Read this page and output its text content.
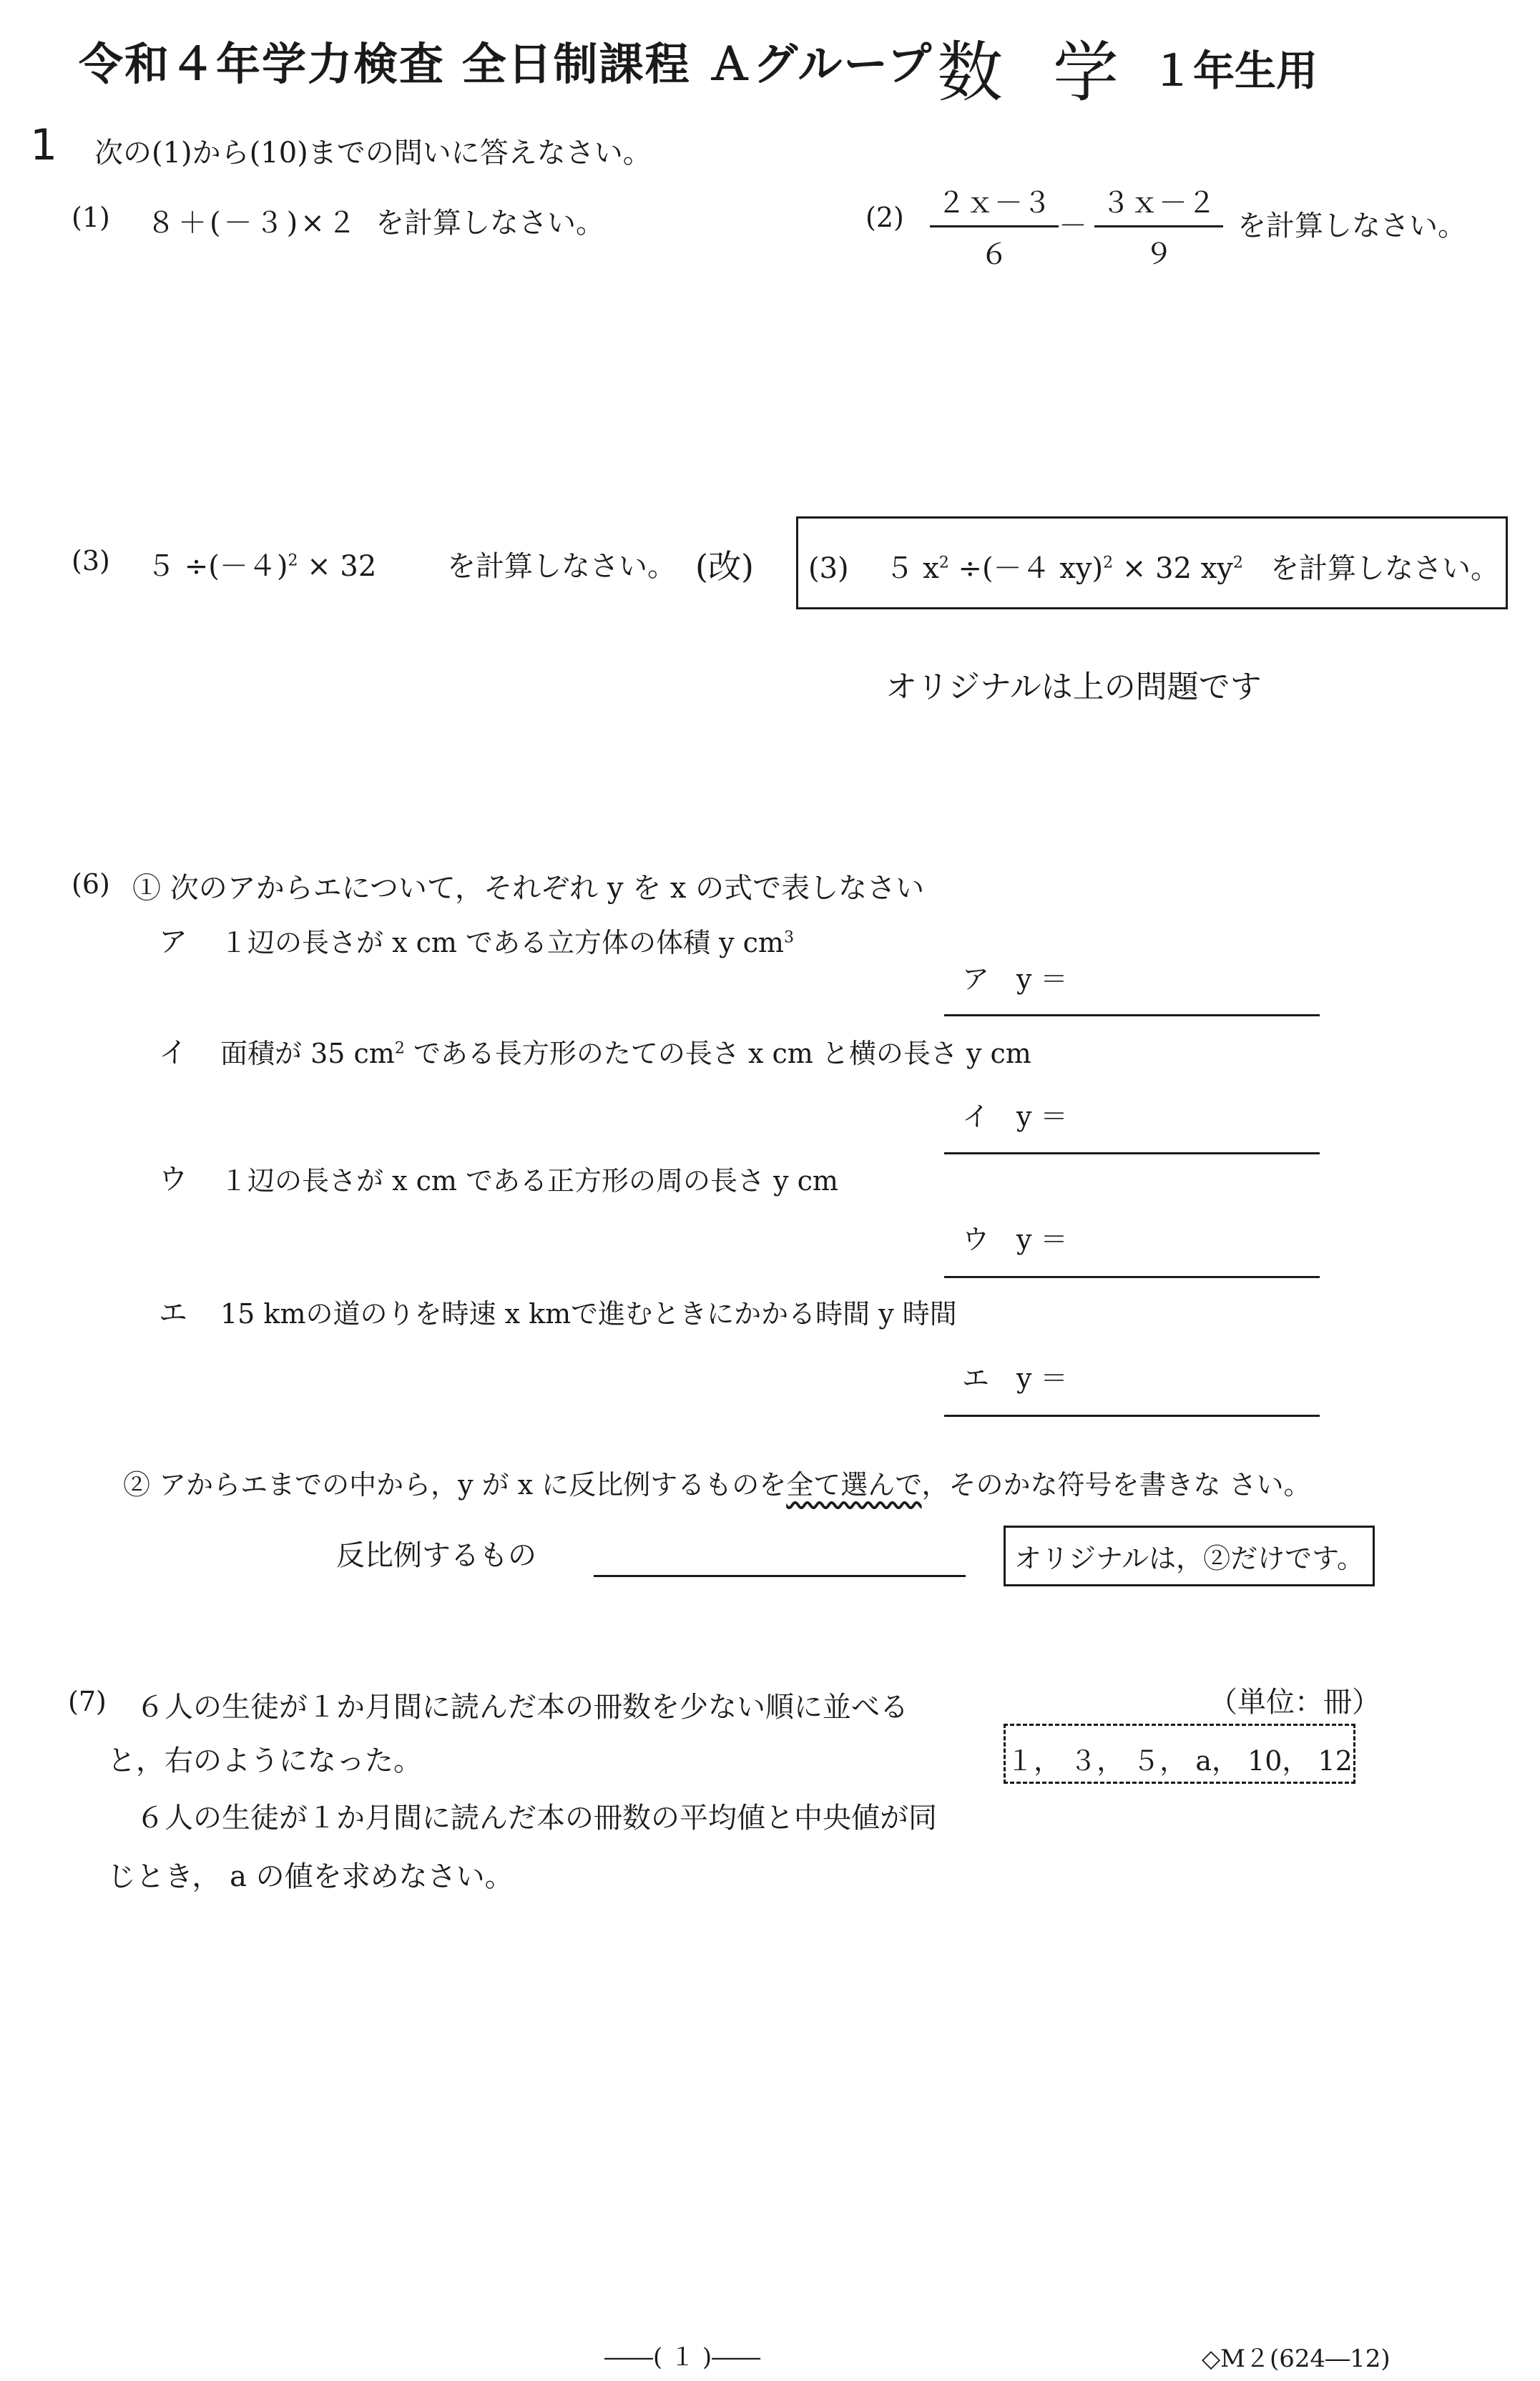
令和４年学力検査 全日制課程 Ａグループ 数学
１年生用
1 次の(1)から(10)までの問いに答えなさい。
(1) ８＋(－３)×２ を計算しなさい。	(2) ２ｘ－３
６
－
３ｘ－２
９
を計算しなさい。
(3) $5 \div(-4)^2 \times 32$ を計算しなさい。 (改)	(3) ５ $x^2 \div(-4$ xy)$^2$ × 32 $xy^2$ を計算しなさい。
オリジナルは上の問題です
(6) ① 次のアからエについて，それぞれ y を x の式で表しなさい
ア １辺の長さが x cm である立方体の体積 y $cm^3$
ア　y ＝
イ 面積が 35 $cm^2$ である長方形のたての長さ x cm と横の長さ y cm
イ　y ＝
ウ １辺の長さが x cm である正方形の周の長さ y cm
ウ　y ＝
エ 15 kmの道のりを時速 x kmで進むときにかかる時間 y 時間
エ　y ＝
② アからエまでの中から，y が x に反比例するものを全て選んで，そのかな符号を書きな さい。
反比例するもの	オリジナルは，②だけです。
(7) ６人の生徒が１か月間に読んだ本の冊数を少ない順に並べる
と，右のようになった。
６人の生徒が１か月間に読んだ本の冊数の平均値と中央値が同
じとき， a の値を求めなさい。
（単位：冊）
１， ３， ５， a， 10， 12
――( １ )――	◇M２(624―12)
